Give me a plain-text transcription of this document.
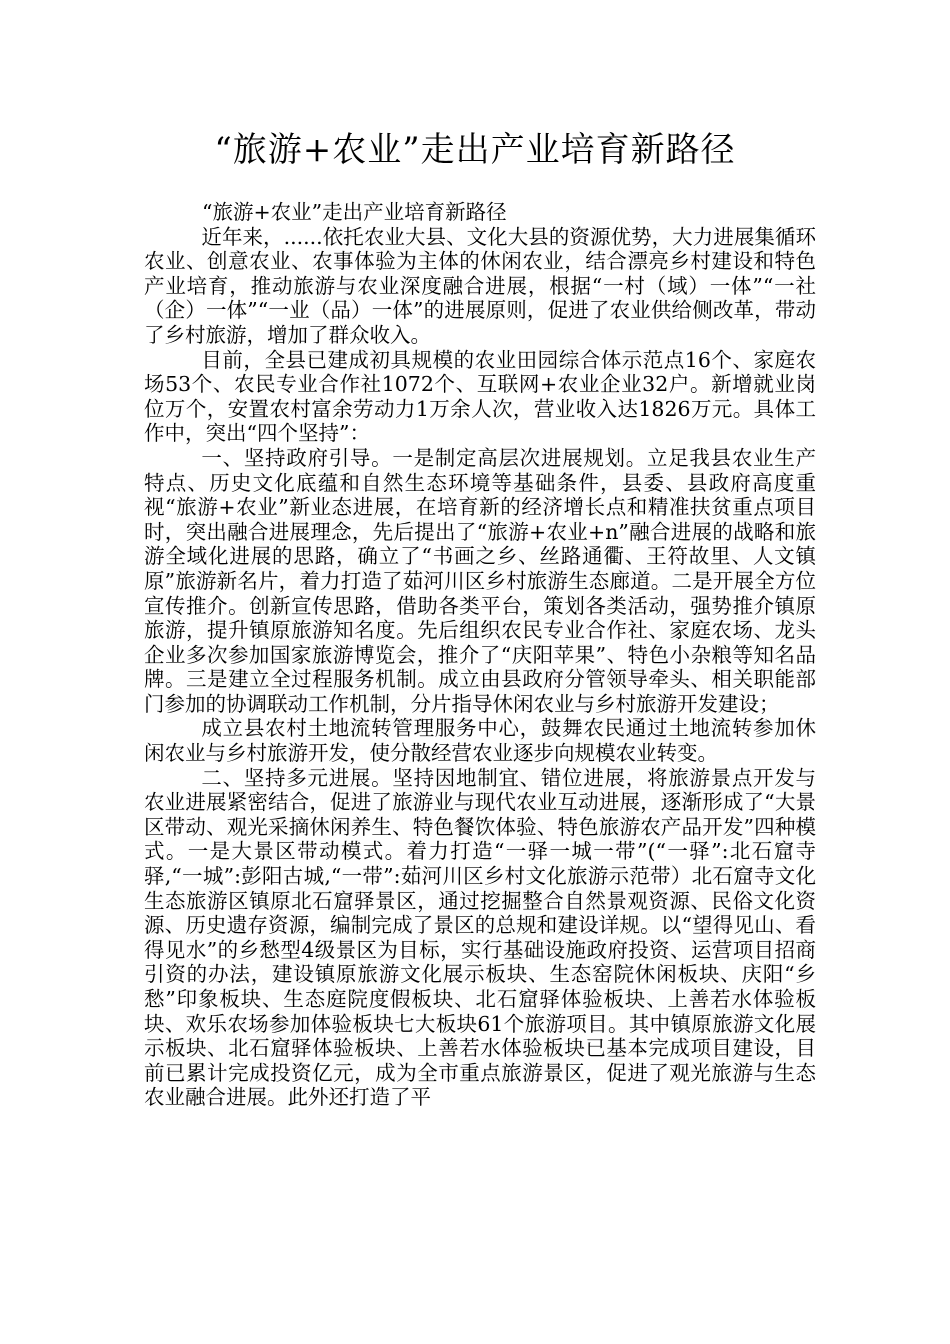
“旅游+农业”走出产业培育新路径

“旅游+农业”走出产业培育新路径

近年来，......依托农业大县、文化大县的资源优势，大力进展集循环农业、创意农业、农事体验为主体的休闲农业，结合漂亮乡村建设和特色产业培育，推动旅游与农业深度融合进展，根据“一村（域）一体”“一社（企）一体”“一业（品）一体”的进展原则，促进了农业供给侧改革，带动了乡村旅游，增加了群众收入。

目前，全县已建成初具规模的农业田园综合体示范点16个、家庭农场53个、农民专业合作社1072个、互联网+农业企业32户。新增就业岗位万个，安置农村富余劳动力1万余人次，营业收入达1826万元。具体工作中，突出“四个坚持”：

一、坚持政府引导。一是制定高层次进展规划。立足我县农业生产特点、历史文化底蕴和自然生态环境等基础条件，县委、县政府高度重视“旅游+农业”新业态进展，在培育新的经济增长点和精准扶贫重点项目时，突出融合进展理念，先后提出了“旅游+农业+n”融合进展的战略和旅游全域化进展的思路，确立了“书画之乡、丝路通衢、王符故里、人文镇原”旅游新名片，着力打造了茹河川区乡村旅游生态廊道。二是开展全方位宣传推介。创新宣传思路，借助各类平台，策划各类活动，强势推介镇原旅游，提升镇原旅游知名度。先后组织农民专业合作社、家庭农场、龙头企业多次参加国家旅游博览会，推介了“庆阳苹果”、特色小杂粮等知名品牌。三是建立全过程服务机制。成立由县政府分管领导牵头、相关职能部门参加的协调联动工作机制，分片指导休闲农业与乡村旅游开发建设；

成立县农村土地流转管理服务中心，鼓舞农民通过土地流转参加休闲农业与乡村旅游开发，使分散经营农业逐步向规模农业转变。

二、坚持多元进展。坚持因地制宜、错位进展，将旅游景点开发与农业进展紧密结合，促进了旅游业与现代农业互动进展，逐渐形成了“大景区带动、观光采摘休闲养生、特色餐饮体验、特色旅游农产品开发”四种模式。一是大景区带动模式。着力打造“一驿一城一带”(“一驿”:北石窟寺驿,“一城”:彭阳古城,“一带”:茹河川区乡村文化旅游示范带）北石窟寺文化生态旅游区镇原北石窟驿景区，通过挖掘整合自然景观资源、民俗文化资源、历史遗存资源，编制完成了景区的总规和建设详规。以“望得见山、看得见水”的乡愁型4级景区为目标，实行基础设施政府投资、运营项目招商引资的办法，建设镇原旅游文化展示板块、生态窑院休闲板块、庆阳“乡愁”印象板块、生态庭院度假板块、北石窟驿体验板块、上善若水体验板块、欢乐农场参加体验板块七大板块61个旅游项目。其中镇原旅游文化展示板块、北石窟驿体验板块、上善若水体验板块已基本完成项目建设，目前已累计完成投资亿元，成为全市重点旅游景区，促进了观光旅游与生态农业融合进展。此外还打造了平
